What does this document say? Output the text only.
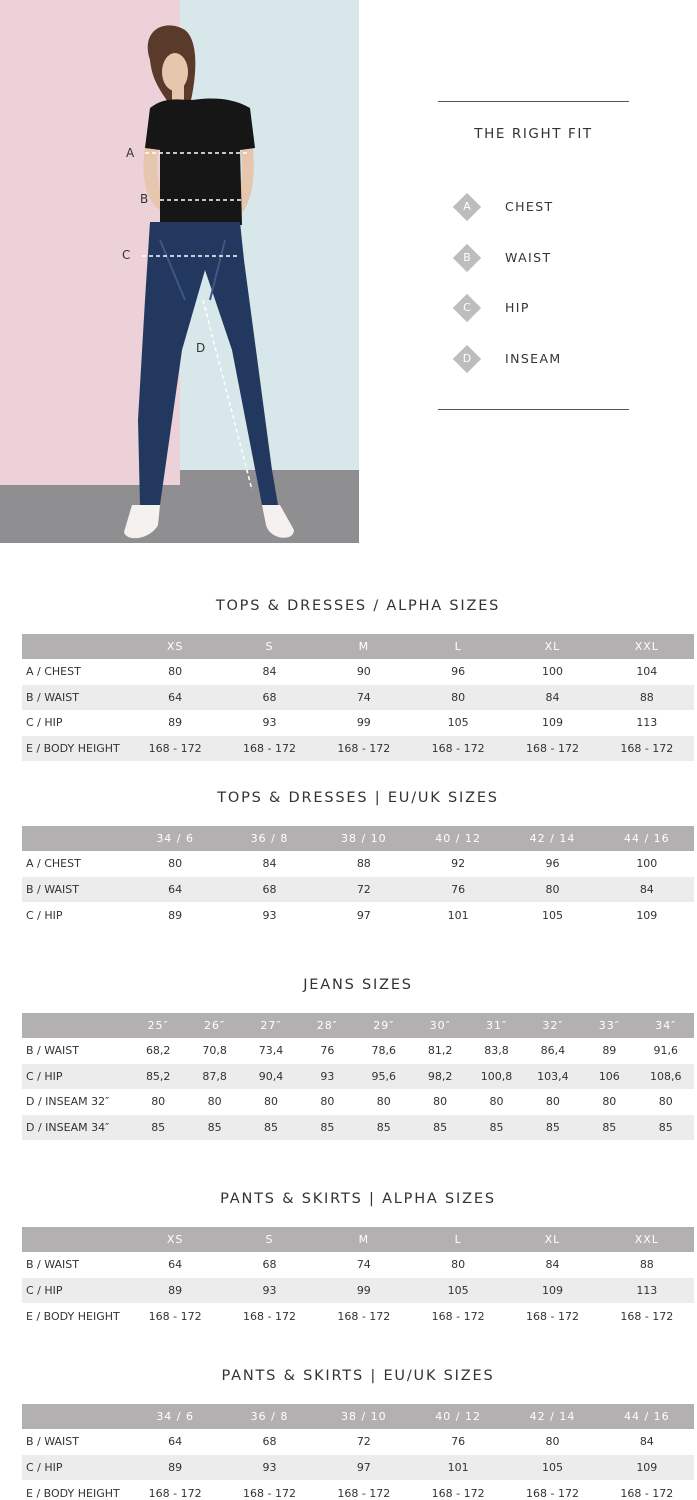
A
B
C
D
THE RIGHT FIT
A	CHEST
B	WAIST
C	HIP
D	INSEAM
TOPS & DRESSES / ALPHA SIZES
	XS	S	M	L	XL	XXL
A / CHEST	80	84	90	96	100	104
B / WAIST	64	68	74	80	84	88
C / HIP	89	93	99	105	109	113
E / BODY HEIGHT	168 - 172	168 - 172	168 - 172	168 - 172	168 - 172	168 - 172
TOPS & DRESSES | EU/UK SIZES
	34 / 6	36 / 8	38 / 10	40 / 12	42 / 14	44 / 16
A / CHEST	80	84	88	92	96	100
B / WAIST	64	68	72	76	80	84
C / HIP	89	93	97	101	105	109
JEANS SIZES
	25″	26″	27″	28″	29″	30″	31″	32″	33″	34″
B / WAIST	68,2	70,8	73,4	76	78,6	81,2	83,8	86,4	89	91,6
C / HIP	85,2	87,8	90,4	93	95,6	98,2	100,8	103,4	106	108,6
D / INSEAM 32″	80	80	80	80	80	80	80	80	80	80
D / INSEAM 34″	85	85	85	85	85	85	85	85	85	85
PANTS & SKIRTS | ALPHA SIZES
	XS	S	M	L	XL	XXL
B / WAIST	64	68	74	80	84	88
C / HIP	89	93	99	105	109	113
E / BODY HEIGHT	168 - 172	168 - 172	168 - 172	168 - 172	168 - 172	168 - 172
PANTS & SKIRTS | EU/UK SIZES
	34 / 6	36 / 8	38 / 10	40 / 12	42 / 14	44 / 16
B / WAIST	64	68	72	76	80	84
C / HIP	89	93	97	101	105	109
E / BODY HEIGHT	168 - 172	168 - 172	168 - 172	168 - 172	168 - 172	168 - 172
